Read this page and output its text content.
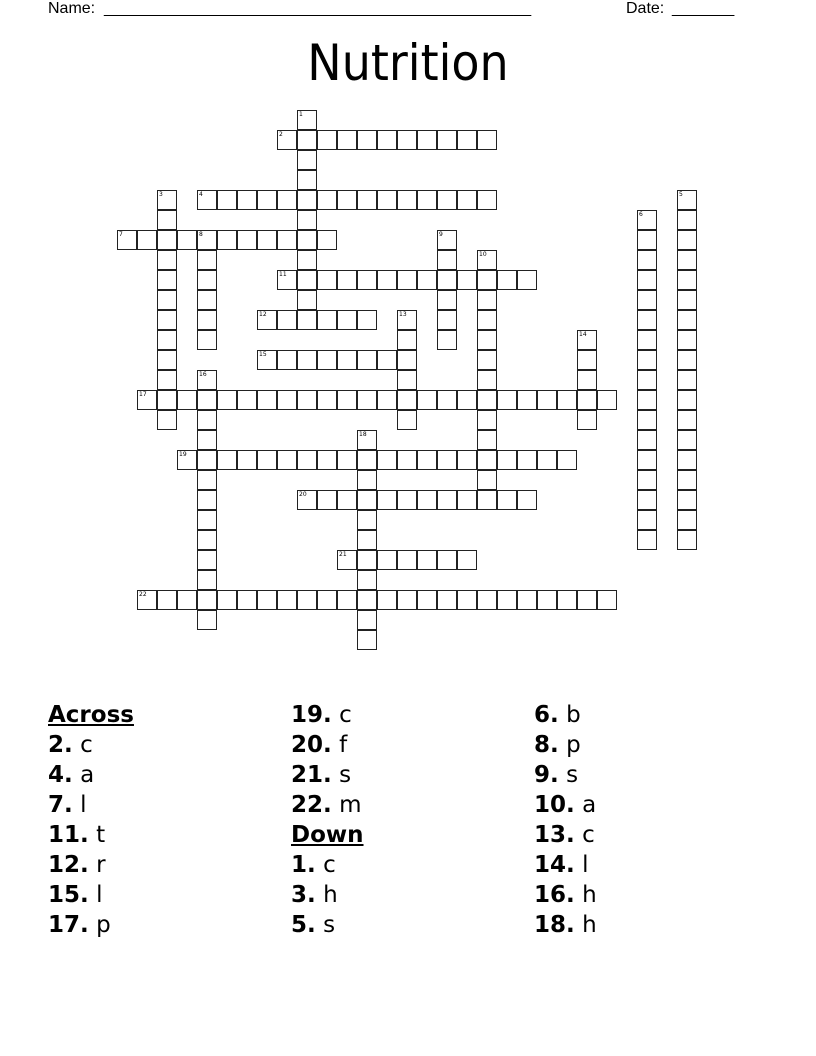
Name: ________________________________________________	Date: _______
Nutrition
1
2
3	4	5
6
7	8	9
10
11
12	13
14
15
16
17
18
19
20
21
22
Across
2. c
4. a
7. l
11. t
12. r
15. l
17. p
19. c
20. f
21. s
22. m
Down
1. c
3. h
5. s
6. b
8. p
9. s
10. a
13. c
14. l
16. h
18. h
